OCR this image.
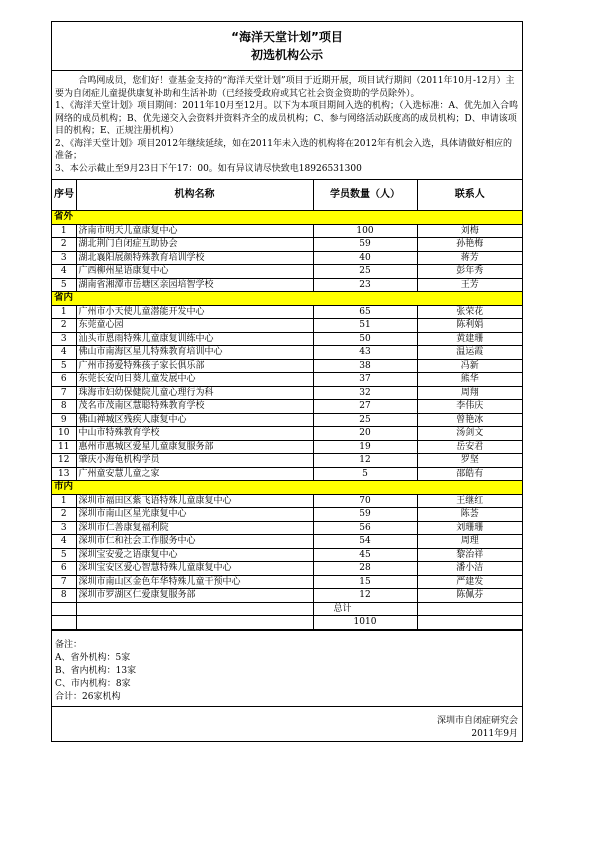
“海洋天堂计划”项目
初选机构公示

合鸣网成员，您们好！壹基金支持的“海洋天堂计划”项目于近期开展，项目试行期间（2011年10月-12月）主要为自闭症儿童提供康复补助和生活补助（已经接受政府或其它社会资金资助的学员除外）。

1、《海洋天堂计划》项目期间：2011年10月至12月。以下为本项目期间入选的机构；（入选标准：A、优先加入合鸣网络的成员机构；B、优先递交入会资料并资料齐全的成员机构；C、参与网络活动跃度高的成员机构；D、申请该项目的机构；E、正规注册机构）

2、《海洋天堂计划》项目2012年继续延续，如在2011年未入选的机构将在2012年有机会入选，具体请做好相应的准备；

3、本公示截止至9月23日下午17：00。如有异议请尽快致电18926531300

序号	机构名称	学员数量（人）	联系人
省外			
1	济南市明天儿童康复中心	100	刘梅
2	湖北荆门自闭症互助协会	59	孙艳梅
3	湖北襄阳展颜特殊教育培训学校	40	蒋芳
4	广西柳州星语康复中心	25	彭年秀
5	湖南省湘潭市岳塘区亲园培智学校	23	王芳
省内			
1	广州市小天使儿童潜能开发中心	65	张荣花
2	东莞童心园	51	陈利娟
3	汕头市恩雨特殊儿童康复训练中心	50	黄建珊
4	佛山市南海区星儿特殊教育培训中心	43	温运霞
5	广州市扬爱特殊孩子家长俱乐部	38	冯新
6	东莞长安向日葵儿童发展中心	37	熊华
7	珠海市妇幼保健院儿童心理行为科	32	周翔
8	茂名市茂南区慧聪特殊教育学校	27	李伟庆
9	佛山禅城区残疾人康复中心	25	曾艳冰
10	中山市特殊教育学校	20	汤剑文
11	惠州市惠城区爱星儿童康复服务部	19	岳安君
12	肇庆小海龟机构学员	12	罗坚
13	广州童安慧儿童之家	5	邵皓有
市内			
1	深圳市福田区紫飞语特殊儿童康复中心	70	王继红
2	深圳市南山区星光康复中心	59	陈荟
3	深圳市仁善康复福利院	56	刘珊珊
4	深圳市仁和社会工作服务中心	54	周理
5	深圳宝安爱之语康复中心	45	黎治祥
6	深圳宝安区爱心智慧特殊儿童康复中心	28	潘小洁
7	深圳市南山区金色年华特殊儿童干预中心	15	严建发
8	深圳市罗湖区仁爱康复服务部	12	陈佩芬
		总计	
		1010	

备注：

A、省外机构：5家

B、省内机构：13家

C、市内机构：8家

合计：26家机构

深圳市自闭症研究会
2011年9月
